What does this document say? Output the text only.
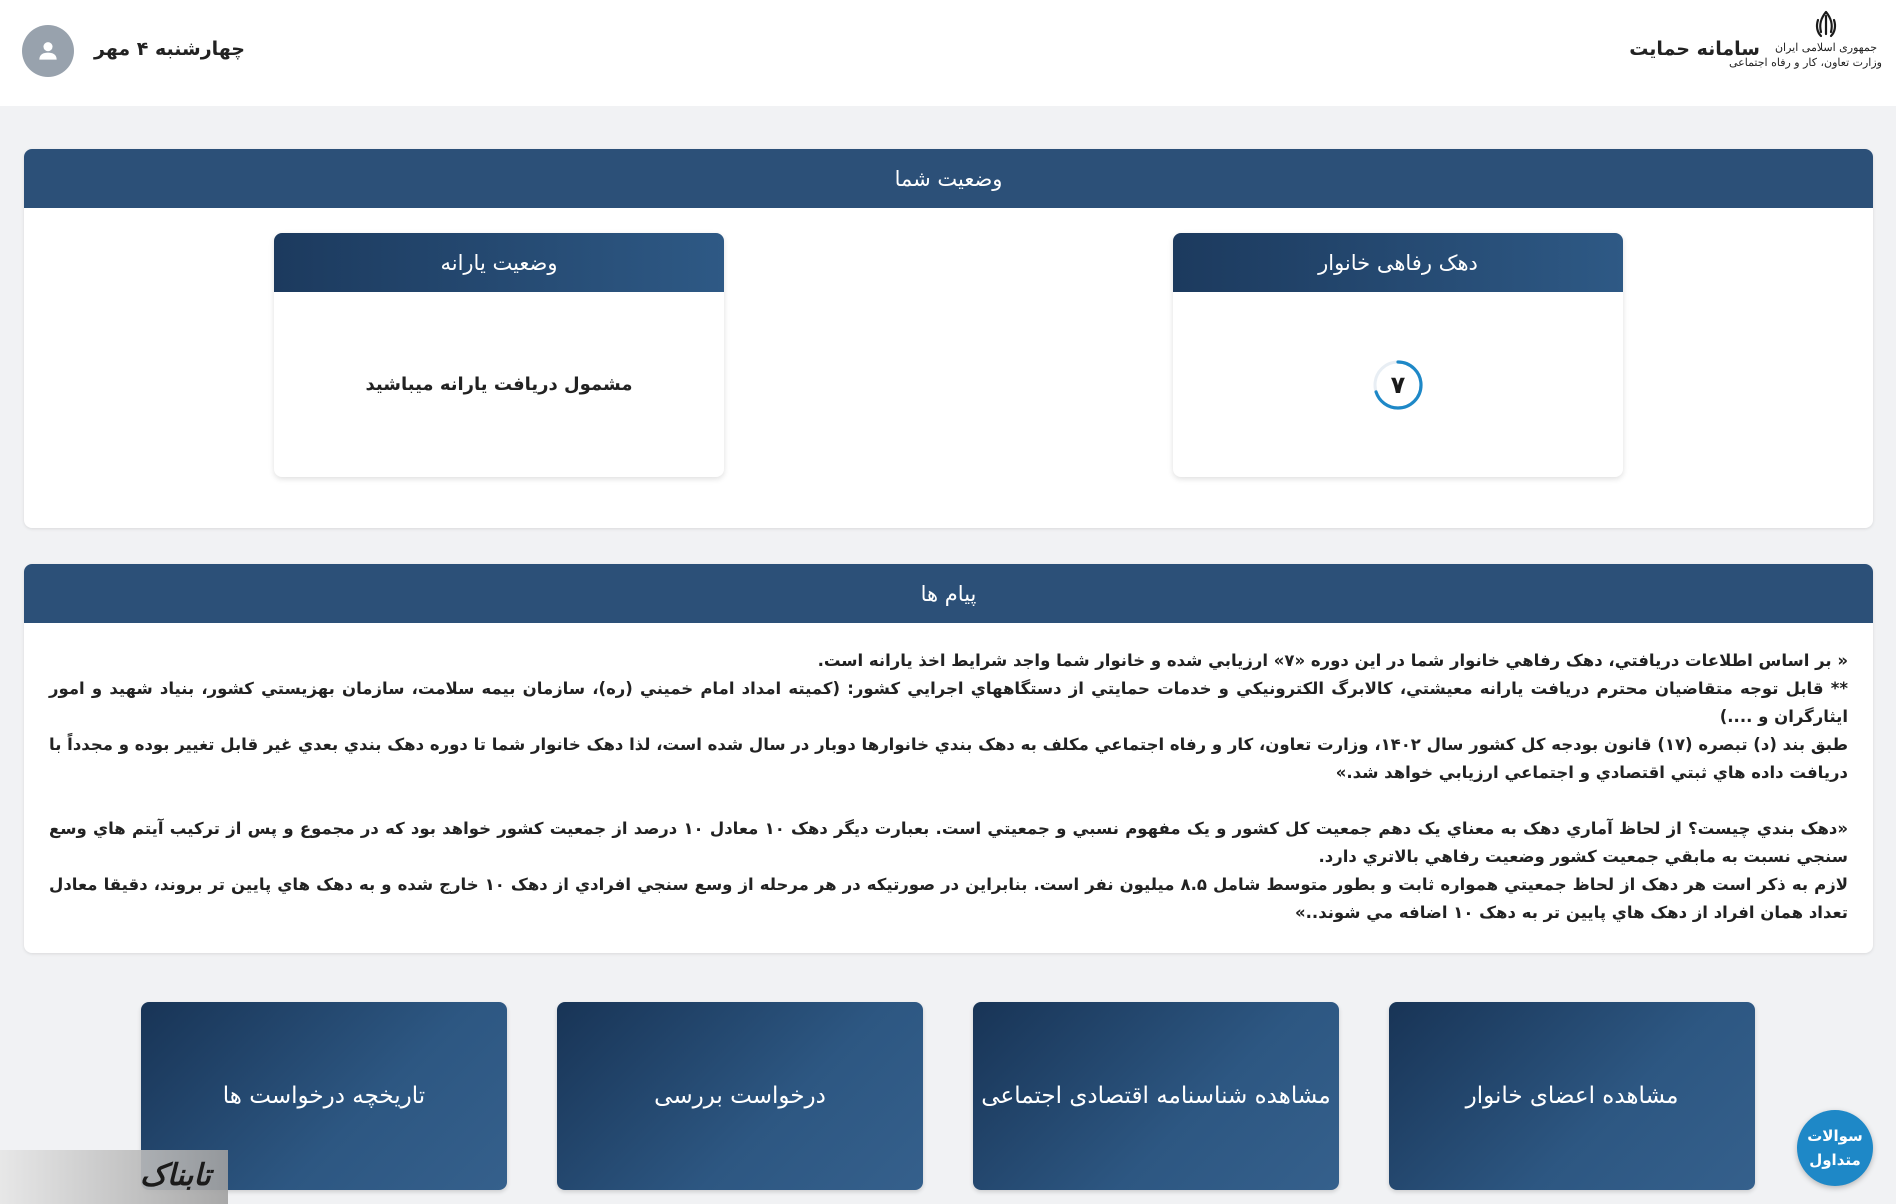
جمهوری اسلامی ایران
وزارت تعاون، کار و رفاه اجتماعی
سامانه حمایت
چهارشنبه ۴ مهر
وضعیت شما
دهک رفاهی خانوار
۷
وضعیت یارانه
مشمول دریافت یارانه میباشید
پیام ها

« بر اساس اطلاعات دريافتي، دهک رفاهي خانوار شما در اين دوره «۷» ارزيابي شده و خانوار شما واجد شرايط اخذ يارانه است.

** قابل توجه متقاضيان محترم دريافت يارانه معيشتي، كالابرگ الكترونيكي و خدمات حمايتي از دستگاههاي اجرايي كشور: (کميته امداد امام خميني (ره)، سازمان بيمه سلامت، سازمان بهزيستي کشور، بنياد شهيد و امور ايثارگران و ....)

طبق بند (د) تبصره (۱۷) قانون بودجه کل کشور سال ۱۴۰۲، وزارت تعاون، کار و رفاه اجتماعي مکلف به دهک بندي خانوارها دوبار در سال شده است، لذا دهک خانوار شما تا دوره دهک بندي بعدي غير قابل تغيير بوده و مجدداً با دريافت داده هاي ثبتي اقتصادي و اجتماعي ارزيابي خواهد شد.»

«دهک بندي چيست؟ از لحاظ آماري دهک به معناي يک دهم جمعيت کل کشور و يک مفهوم نسبي و جمعيتي است. بعبارت ديگر دهک ۱۰ معادل ۱۰ درصد از جمعيت کشور خواهد بود که در مجموع و پس از ترکيب آيتم هاي وسع سنجي نسبت به مابقي جمعيت کشور وضعيت رفاهي بالاتري دارد.

لازم به ذکر است هر دهک از لحاظ جمعيتي همواره ثابت و بطور متوسط شامل ۸.۵ ميليون نفر است. بنابراين در صورتيکه در هر مرحله از وسع سنجي افرادي از دهک ۱۰ خارج شده و به دهک هاي پايين تر بروند، دقيقا معادل تعداد همان افراد از دهک هاي پايين تر به دهک ۱۰ اضافه مي شوند..»

مشاهده اعضای خانوار
مشاهده شناسنامه اقتصادی اجتماعی
درخواست بررسی
تاریخچه درخواست ها
سوالات
متداول
تابناک
